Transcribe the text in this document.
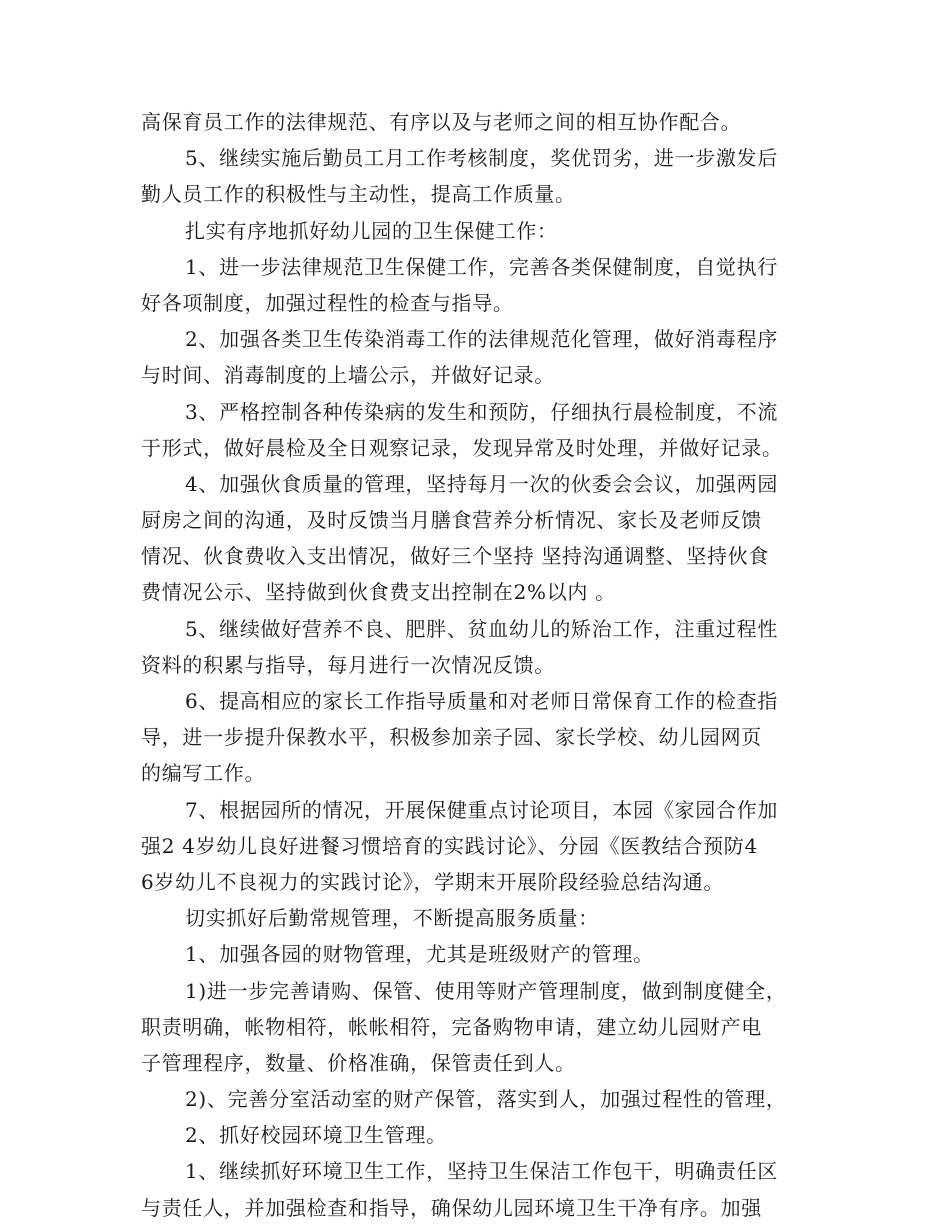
高保育员工作的法律规范、有序以及与老师之间的相互协作配合。
5、继续实施后勤员工月工作考核制度，奖优罚劣，进一步激发后
勤人员工作的积极性与主动性，提高工作质量。
扎实有序地抓好幼儿园的卫生保健工作：
1、进一步法律规范卫生保健工作，完善各类保健制度，自觉执行
好各项制度，加强过程性的检查与指导。
2、加强各类卫生传染消毒工作的法律规范化管理，做好消毒程序
与时间、消毒制度的上墙公示，并做好记录。
3、严格控制各种传染病的发生和预防，仔细执行晨检制度，不流
于形式，做好晨检及全日观察记录，发现异常及时处理，并做好记录。
4、加强伙食质量的管理，坚持每月一次的伙委会会议，加强两园
厨房之间的沟通，及时反馈当月膳食营养分析情况、家长及老师反馈
情况、伙食费收入支出情况，做好三个坚持 坚持沟通调整、坚持伙食
费情况公示、坚持做到伙食费支出控制在2%以内 。
5、继续做好营养不良、肥胖、贫血幼儿的矫治工作，注重过程性
资料的积累与指导，每月进行一次情况反馈。
6、提高相应的家长工作指导质量和对老师日常保育工作的检查指
导，进一步提升保教水平，积极参加亲子园、家长学校、幼儿园网页
的编写工作。
7、根据园所的情况，开展保健重点讨论项目，本园《家园合作加
强2 4岁幼儿良好进餐习惯培育的实践讨论》、分园《医教结合预防4
6岁幼儿不良视力的实践讨论》，学期末开展阶段经验总结沟通。
切实抓好后勤常规管理，不断提高服务质量：
1、加强各园的财物管理，尤其是班级财产的管理。
1)进一步完善请购、保管、使用等财产管理制度，做到制度健全，
职责明确，帐物相符，帐帐相符，完备购物申请，建立幼儿园财产电
子管理程序，数量、价格准确，保管责任到人。
2)、完善分室活动室的财产保管，落实到人，加强过程性的管理，
2、抓好校园环境卫生管理。
1、继续抓好环境卫生工作，坚持卫生保洁工作包干，明确责任区
与责任人，并加强检查和指导，确保幼儿园环境卫生干净有序。加强
